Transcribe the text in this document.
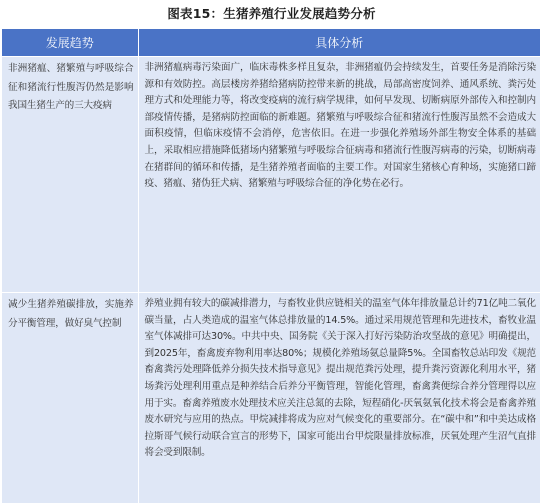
图表15：生猪养殖行业发展趋势分析
发展趋势	具体分析

非洲猪瘟、猪繁殖与呼吸综合征和猪流行性腹泻仍然是影响我国生猪生产的三大疫病	非洲猪瘟病毒污染面广，临床毒株多样且复杂，非洲猪瘟仍会持续发生，首要任务是消除污染源和有效防控。高层楼房养猪给猪病防控带来新的挑战，局部高密度饲养、通风系统、粪污处理方式和处理能力等，将改变疫病的流行病学规律，如何早发现、切断病原外部传入和控制内部疫情传播，是猪病防控面临的新难题。猪繁殖与呼吸综合征和猪流行性腹泻虽然不会造成大面积疫情，但临床疫情不会消停，危害依旧。在进一步强化养殖场外部生物安全体系的基础上，采取相应措施降低猪场内猪繁殖与呼吸综合征病毒和猪流行性腹泻病毒的污染，切断病毒在猪群间的循环和传播，是生猪养殖者面临的主要工作。对国家生猪核心育种场，实施猪口蹄疫、猪瘟、猪伪狂犬病、猪繁殖与呼吸综合征的净化势在必行。

减少生猪养殖碳排放，实施养分平衡管理，做好臭气控制	养殖业拥有较大的碳减排潜力，与畜牧业供应链相关的温室气体年排放量总计约71亿吨二氧化碳当量，占人类造成的温室气体总排放量的14.5%。通过采用规范管理和先进技术，畜牧业温室气体减排可达30%。中共中央、国务院《关于深入打好污染防治攻坚战的意见》明确提出，到2025年，畜禽废弃物利用率达80%；规模化养殖场氨总量降5%。全国畜牧总站印发《规范畜禽粪污处理降低养分损失技术指导意见》提出规范粪污处理，提升粪污资源化利用水平，猪场粪污处理利用重点是种养结合后养分平衡管理，智能化管理，畜禽粪便综合养分管理得以应用于实。畜禽养殖废水处理技术应关注总氮的去除，短程硝化-厌氧氨氧化技术将会是畜禽养殖废水研究与应用的热点。甲烷减排将成为应对气候变化的重要部分。在“碳中和”和中美达成格拉斯哥气候行动联合宣言的形势下，国家可能出台甲烷限量排放标准，厌氧处理产生沼气直排将会受到限制。
